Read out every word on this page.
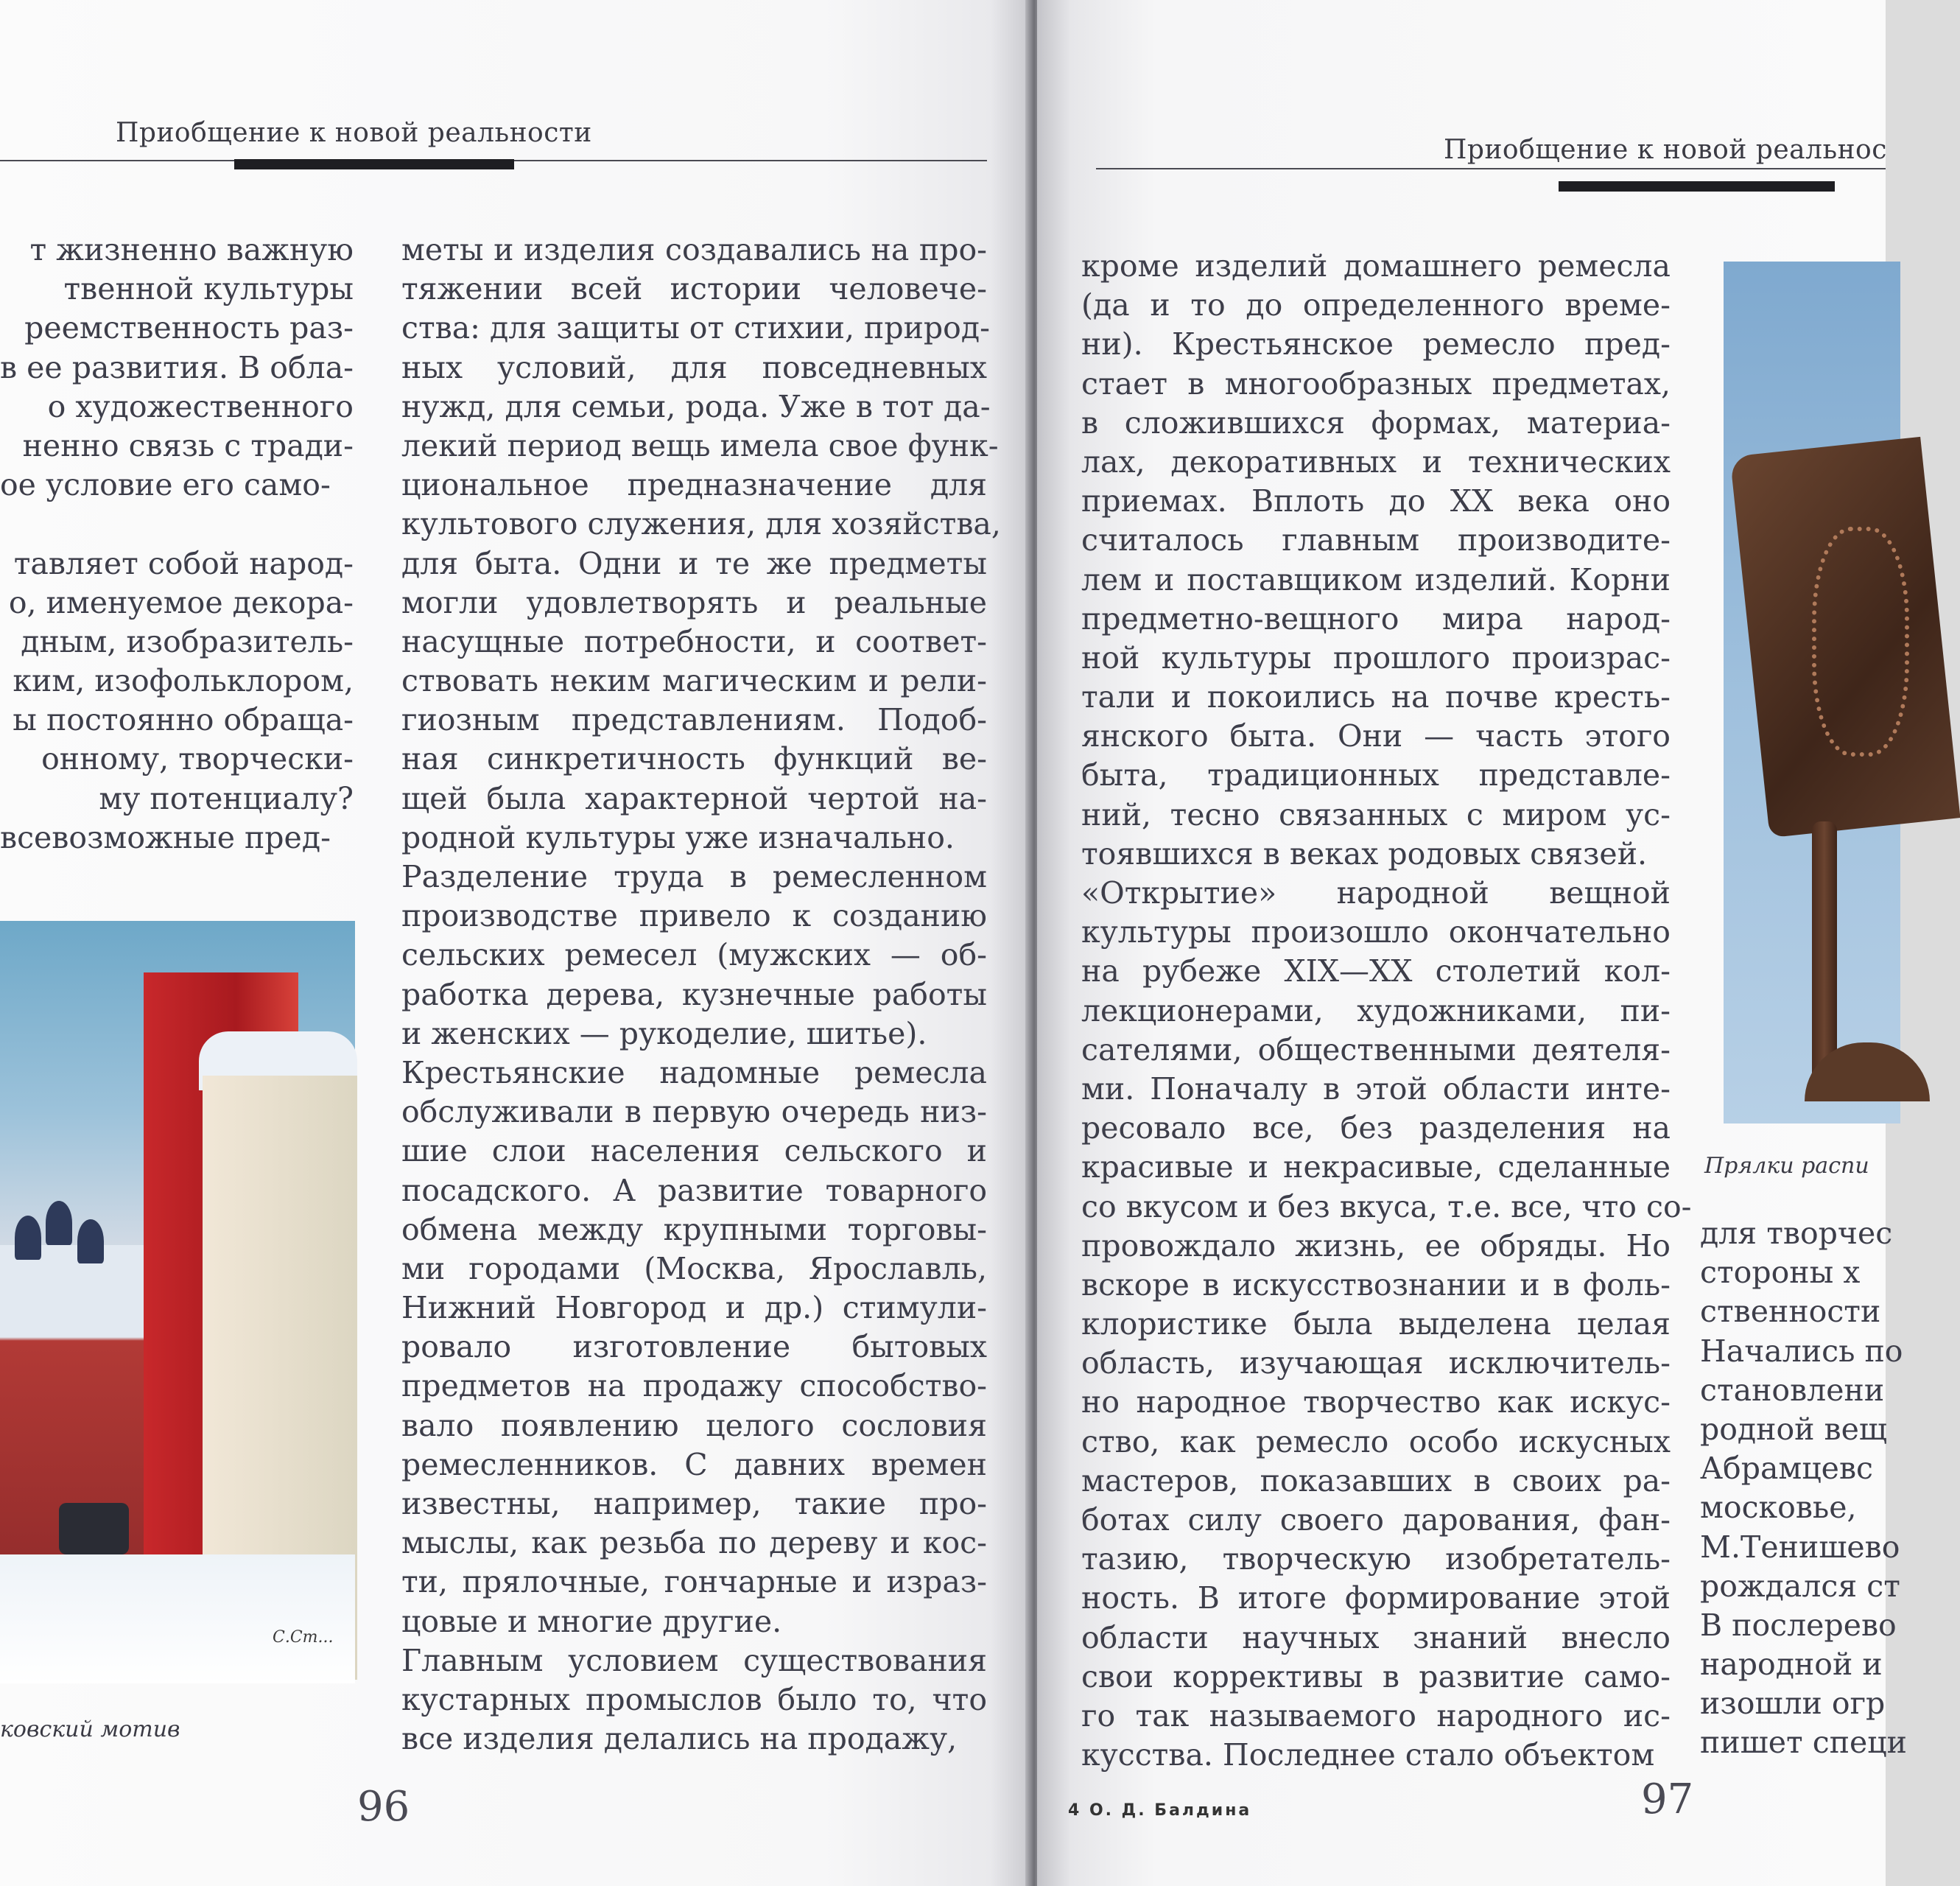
Приобщение к новой реальности
т жизненно важную
твенной культуры
реемственность раз-
в ее развития. В обла-
о художественного
ненно связь с тради-
ое условие его само-
тавляет собой народ-
о, именуемое декора-
дным, изобразитель-
ким, изофольклором,
ы постоянно обраща-
онному, творчески-
му потенциалу?
всевозможные пред-
С.Ст...
ковский мотив
меты и изделия создавались на про-
тяжении всей истории человече-
ства: для защиты от стихии, природ-
ных условий, для повседневных
нужд, для семьи, рода. Уже в тот да-
лекий период вещь имела свое функ-
циональное предназначение для
культового служения, для хозяйства,
для быта. Одни и те же предметы
могли удовлетворять и реальные
насущные потребности, и соответ-
ствовать неким магическим и рели-
гиозным представлениям. Подоб-
ная синкретичность функций ве-
щей была характерной чертой на-
родной культуры уже изначально.
Разделение труда в ремесленном
производстве привело к созданию
сельских ремесел (мужских — об-
работка дерева, кузнечные работы
и женских — рукоделие, шитье).
Крестьянские надомные ремесла
обслуживали в первую очередь низ-
шие слои населения сельского и
посадского. А развитие товарного
обмена между крупными торговы-
ми городами (Москва, Ярославль,
Нижний Новгород и др.) стимули-
ровало изготовление бытовых
предметов на продажу способство-
вало появлению целого сословия
ремесленников. С давних времен
известны, например, такие про-
мыслы, как резьба по дереву и кос-
ти, прялочные, гончарные и израз-
цовые и многие другие.
Главным условием существования
кустарных промыслов было то, что
все изделия делались на продажу,
96
Приобщение к новой реальнос
Прялки распи
4 О. Д. Балдина	97
кроме изделий домашнего ремесла
(да и то до определенного време-
ни). Крестьянское ремесло пред-
стает в многообразных предметах,
в сложившихся формах, материа-
лах, декоративных и технических
приемах. Вплоть до XX века оно
считалось главным производите-
лем и поставщиком изделий. Корни
предметно-вещного мира народ-
ной культуры прошлого произрас-
тали и покоились на почве кресть-
янского быта. Они — часть этого
быта, традиционных представле-
ний, тесно связанных с миром ус-
тоявшихся в веках родовых связей.
«Открытие» народной вещной
культуры произошло окончательно
на рубеже XIX—XX столетий кол-
лекционерами, художниками, пи-
сателями, общественными деятеля-
ми. Поначалу в этой области инте-
ресовало все, без разделения на
красивые и некрасивые, сделанные
со вкусом и без вкуса, т.е. все, что со-
провождало жизнь, ее обряды. Но
вскоре в искусствознании и в фоль-
клористике была выделена целая
область, изучающая исключитель-
но народное творчество как искус-
ство, как ремесло особо искусных
мастеров, показавших в своих ра-
ботах силу своего дарования, фан-
тазию, творческую изобретатель-
ность. В итоге формирование этой
области научных знаний внесло
свои коррективы в развитие само-
го так называемого народного ис-
кусства. Последнее стало объектом
для творчес
стороны х
ственности
Начались по
становлени
родной вещ
Абрамцевс
московье,
М.Тенишево
рождался ст
В послерево
народной и
изошли огр
пишет специ
